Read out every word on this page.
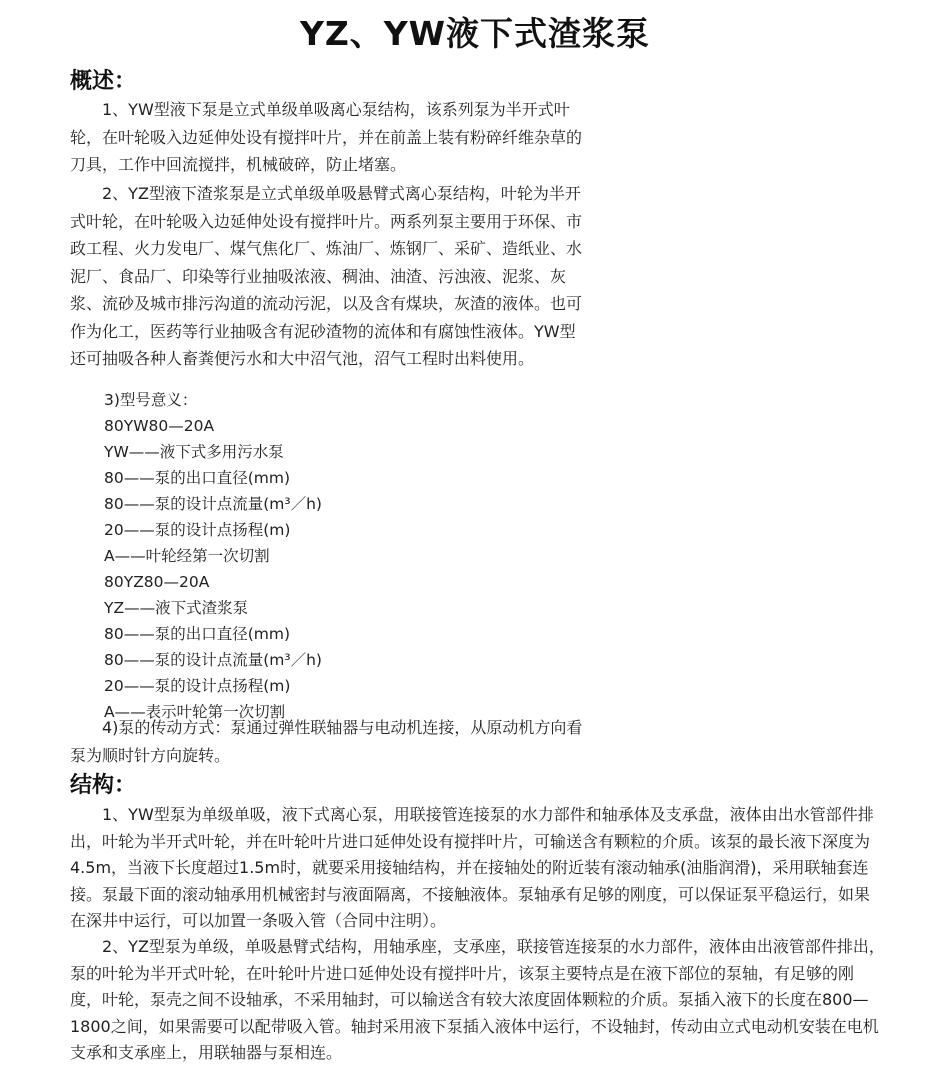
YZ、YW液下式渣浆泵
概述：

1、YW型液下泵是立式单级单吸离心泵结构，该系列泵为半开式叶轮，在叶轮吸入边延伸处设有搅拌叶片，并在前盖上装有粉碎纤维杂草的刀具，工作中回流搅拌，机械破碎，防止堵塞。

2、YZ型液下渣浆泵是立式单级单吸悬臂式离心泵结构，叶轮为半开式叶轮，在叶轮吸入边延伸处设有搅拌叶片。两系列泵主要用于环保、市政工程、火力发电厂、煤气焦化厂、炼油厂、炼钢厂、采矿、造纸业、水泥厂、食品厂、印染等行业抽吸浓液、稠油、油渣、污浊液、泥浆、灰浆、流砂及城市排污沟道的流动污泥，以及含有煤块，灰渣的液体。也可作为化工，医药等行业抽吸含有泥砂渣物的流体和有腐蚀性液体。YW型还可抽吸各种人畜粪便污水和大中沼气池，沼气工程时出料使用。

3)型号意义：
80YW80—20A
YW——液下式多用污水泵
80——泵的出口直径(mm)
80——泵的设计点流量(m³／h)
20——泵的设计点扬程(m)
A——叶轮经第一次切割
80YZ80—20A
YZ——液下式渣浆泵
80——泵的出口直径(mm)
80——泵的设计点流量(m³／h)
20——泵的设计点扬程(m)
A——表示叶轮第一次切割

4)泵的传动方式：泵通过弹性联轴器与电动机连接，从原动机方向看泵为顺时针方向旋转。

结构：

1、YW型泵为单级单吸，液下式离心泵，用联接管连接泵的水力部件和轴承体及支承盘，液体由出水管部件排出，叶轮为半开式叶轮，并在叶轮叶片进口延伸处设有搅拌叶片，可输送含有颗粒的介质。该泵的最长液下深度为4.5m，当液下长度超过1.5m时，就要采用接轴结构，并在接轴处的附近装有滚动轴承(油脂润滑)，采用联轴套连接。泵最下面的滚动轴承用机械密封与液面隔离，不接触液体。泵轴承有足够的刚度，可以保证泵平稳运行，如果在深井中运行，可以加置一条吸入管（合同中注明）。

2、YZ型泵为单级，单吸悬臂式结构，用轴承座，支承座，联接管连接泵的水力部件，液体由出液管部件排出，泵的叶轮为半开式叶轮，在叶轮叶片进口延伸处设有搅拌叶片，该泵主要特点是在液下部位的泵轴，有足够的刚度，叶轮，泵壳之间不设轴承，不采用轴封，可以输送含有较大浓度固体颗粒的介质。泵插入液下的长度在800—1800之间，如果需要可以配带吸入管。轴封采用液下泵插入液体中运行，不设轴封，传动由立式电动机安装在电机支承和支承座上，用联轴器与泵相连。
